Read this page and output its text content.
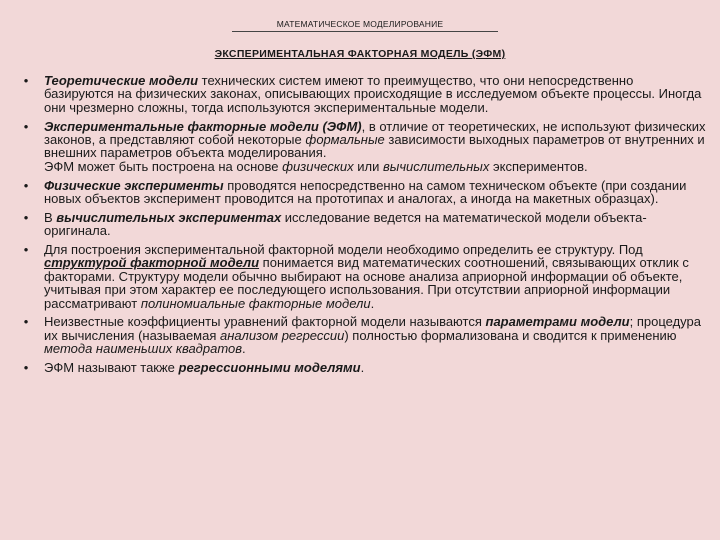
МАТЕМАТИЧЕСКОЕ МОДЕЛИРОВАНИЕ
ЭКСПЕРИМЕНТАЛЬНАЯ ФАКТОРНАЯ МОДЕЛЬ (ЭФМ)
• Теоретические модели технических систем имеют то преимущество, что они непосредственно базируются на физических законах, описывающих происходящие в исследуемом объекте процессы. Иногда они чрезмерно сложны, тогда используются экспериментальные модели.
• Экспериментальные факторные модели (ЭФМ), в отличие от теоретических, не используют физических законов, а представляют собой некоторые формальные зависимости выходных параметров от внутренних и внешних параметров объекта моделирования.
ЭФМ может быть построена на основе физических или вычислительных экспериментов.
• Физические эксперименты проводятся непосредственно на самом техническом объекте (при создании новых объектов эксперимент проводится на прототипах и аналогах, а иногда на макетных образцах).
• В вычислительных экспериментах исследование ведется на математической модели объекта-оригинала.
• Для построения экспериментальной факторной модели необходимо определить ее структуру. Под структурой факторной модели понимается вид математических соотношений, связывающих отклик с факторами. Структуру модели обычно выбирают на основе анализа априорной информации об объекте, учитывая при этом характер ее последующего использования. При отсутствии априорной информации рассматривают полиномиальные факторные модели.
• Неизвестные коэффициенты уравнений факторной модели называются параметрами модели; процедура их вычисления (называемая анализом регрессии) полностью формализована и сводится к применению метода наименьших квадратов.
• ЭФМ называют также регрессионными моделями.
